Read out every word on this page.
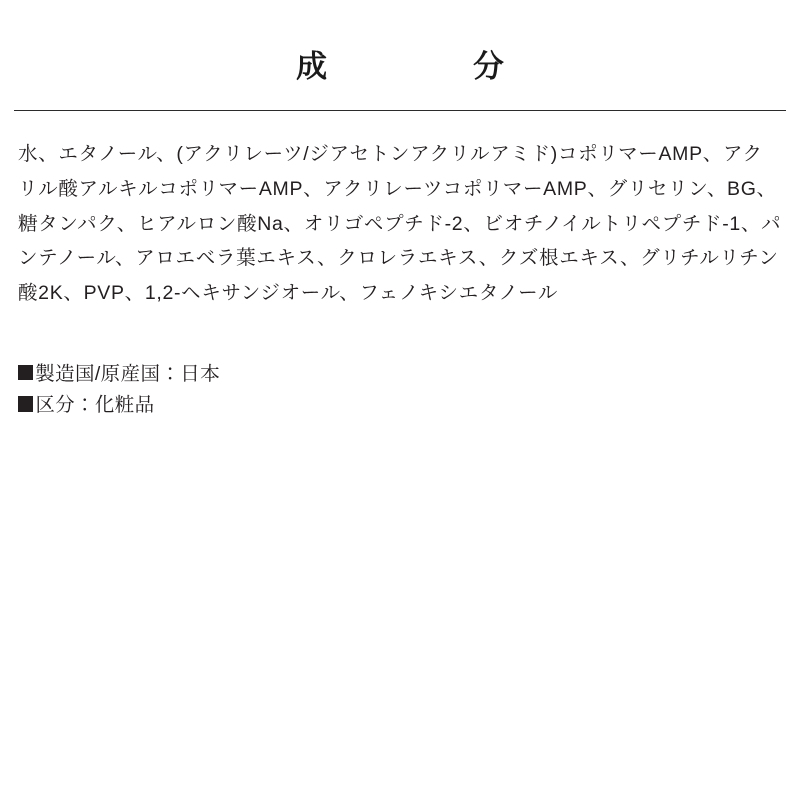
成　　分

水、エタノール、(アクリレーツ/ジアセトンアクリルアミド)コポリマーAMP、アクリル酸アルキルコポリマーAMP、アクリレーツコポリマーAMP、グリセリン、BG、糖タンパク、ヒアルロン酸Na、オリゴペプチド-2、ビオチノイルトリペプチド-1、パンテノール、アロエベラ葉エキス、クロレラエキス、クズ根エキス、グリチルリチン酸2K、PVP、1,2-ヘキサンジオール、フェノキシエタノール

製造国/原産国：日本
区分：化粧品
